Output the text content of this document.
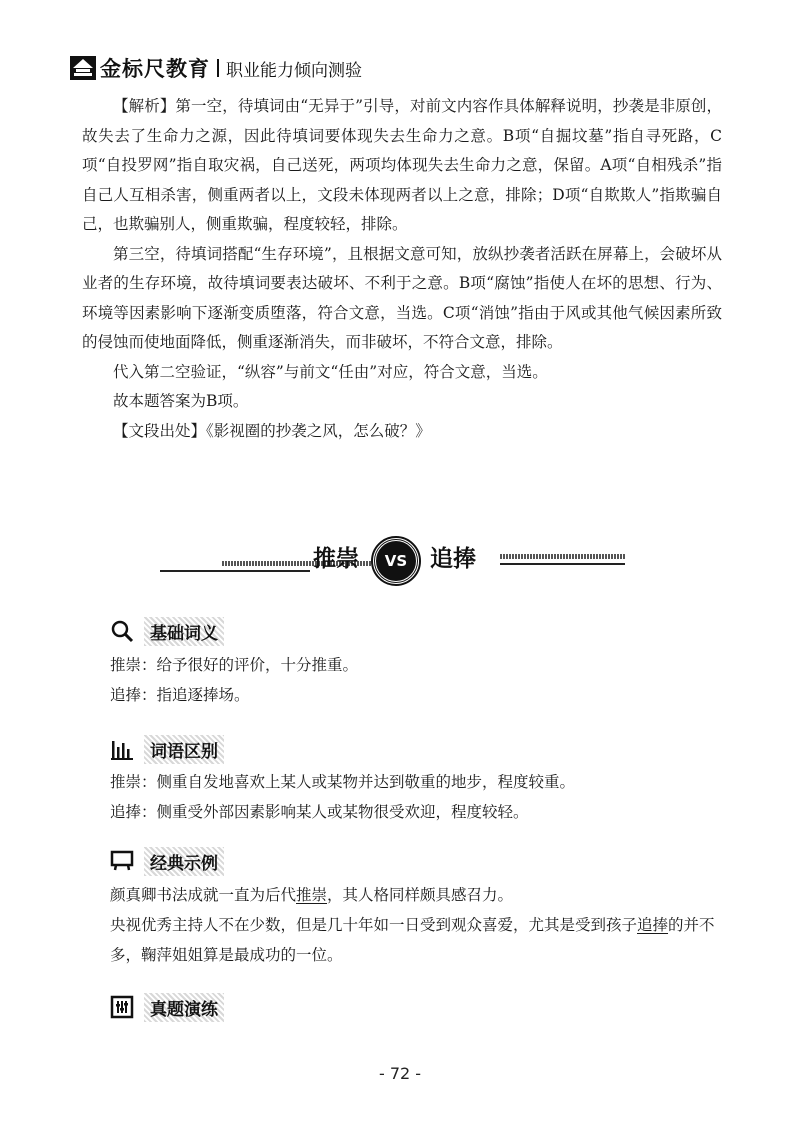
金标尺教育 职业能力倾向测验

【解析】第一空，待填词由“无异于”引导，对前文内容作具体解释说明，抄袭是非原创，故失去了生命力之源，因此待填词要体现失去生命力之意。B项“自掘坟墓”指自寻死路，C项“自投罗网”指自取灾祸，自己送死，两项均体现失去生命力之意，保留。A项“自相残杀”指自己人互相杀害，侧重两者以上，文段未体现两者以上之意，排除；D项“自欺欺人”指欺骗自己，也欺骗别人，侧重欺骗，程度较轻，排除。

第三空，待填词搭配“生存环境”，且根据文意可知，放纵抄袭者活跃在屏幕上，会破坏从业者的生存环境，故待填词要表达破坏、不利于之意。B项“腐蚀”指使人在坏的思想、行为、环境等因素影响下逐渐变质堕落，符合文意，当选。C项“消蚀”指由于风或其他气候因素所致的侵蚀而使地面降低，侧重逐渐消失，而非破坏，不符合文意，排除。

代入第二空验证，“纵容”与前文“任由”对应，符合文意，当选。

故本题答案为B项。

【文段出处】《影视圈的抄袭之风，怎么破？》

推崇 VS 追捧
基础词义

推崇：给予很好的评价，十分推重。

追捧：指追逐捧场。

词语区别

推崇：侧重自发地喜欢上某人或某物并达到敬重的地步，程度较重。

追捧：侧重受外部因素影响某人或某物很受欢迎，程度较轻。

经典示例

颜真卿书法成就一直为后代推崇，其人格同样颇具感召力。

央视优秀主持人不在少数，但是几十年如一日受到观众喜爱，尤其是受到孩子追捧的并不多，鞠萍姐姐算是最成功的一位。

真题演练
- 72 -
